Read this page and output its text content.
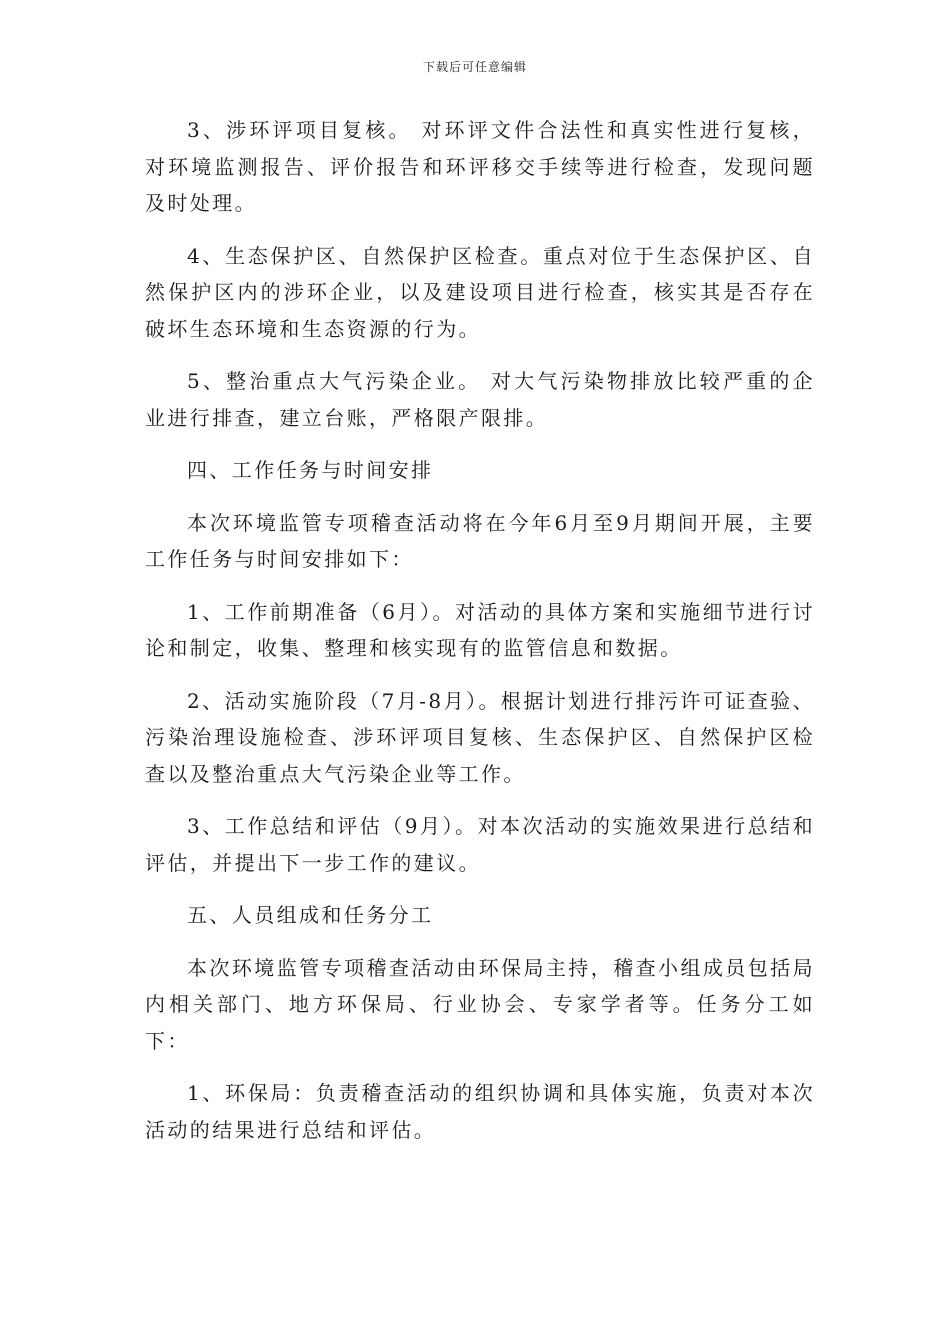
下载后可任意编辑

3、涉环评项目复核。 对环评文件合法性和真实性进行复核，对环境监测报告、评价报告和环评移交手续等进行检查，发现问题及时处理。

4、生态保护区、自然保护区检查。重点对位于生态保护区、自然保护区内的涉环企业，以及建设项目进行检查，核实其是否存在破坏生态环境和生态资源的行为。

5、整治重点大气污染企业。 对大气污染物排放比较严重的企业进行排查，建立台账，严格限产限排。

四、工作任务与时间安排

本次环境监管专项稽查活动将在今年6月至9月期间开展，主要工作任务与时间安排如下：

1、工作前期准备（6月）。对活动的具体方案和实施细节进行讨论和制定，收集、整理和核实现有的监管信息和数据。

2、活动实施阶段（7月-8月）。根据计划进行排污许可证查验、污染治理设施检查、涉环评项目复核、生态保护区、自然保护区检查以及整治重点大气污染企业等工作。

3、工作总结和评估（9月）。对本次活动的实施效果进行总结和评估，并提出下一步工作的建议。

五、人员组成和任务分工

本次环境监管专项稽查活动由环保局主持，稽查小组成员包括局内相关部门、地方环保局、行业协会、专家学者等。任务分工如下：

1、环保局：负责稽查活动的组织协调和具体实施，负责对本次活动的结果进行总结和评估。
